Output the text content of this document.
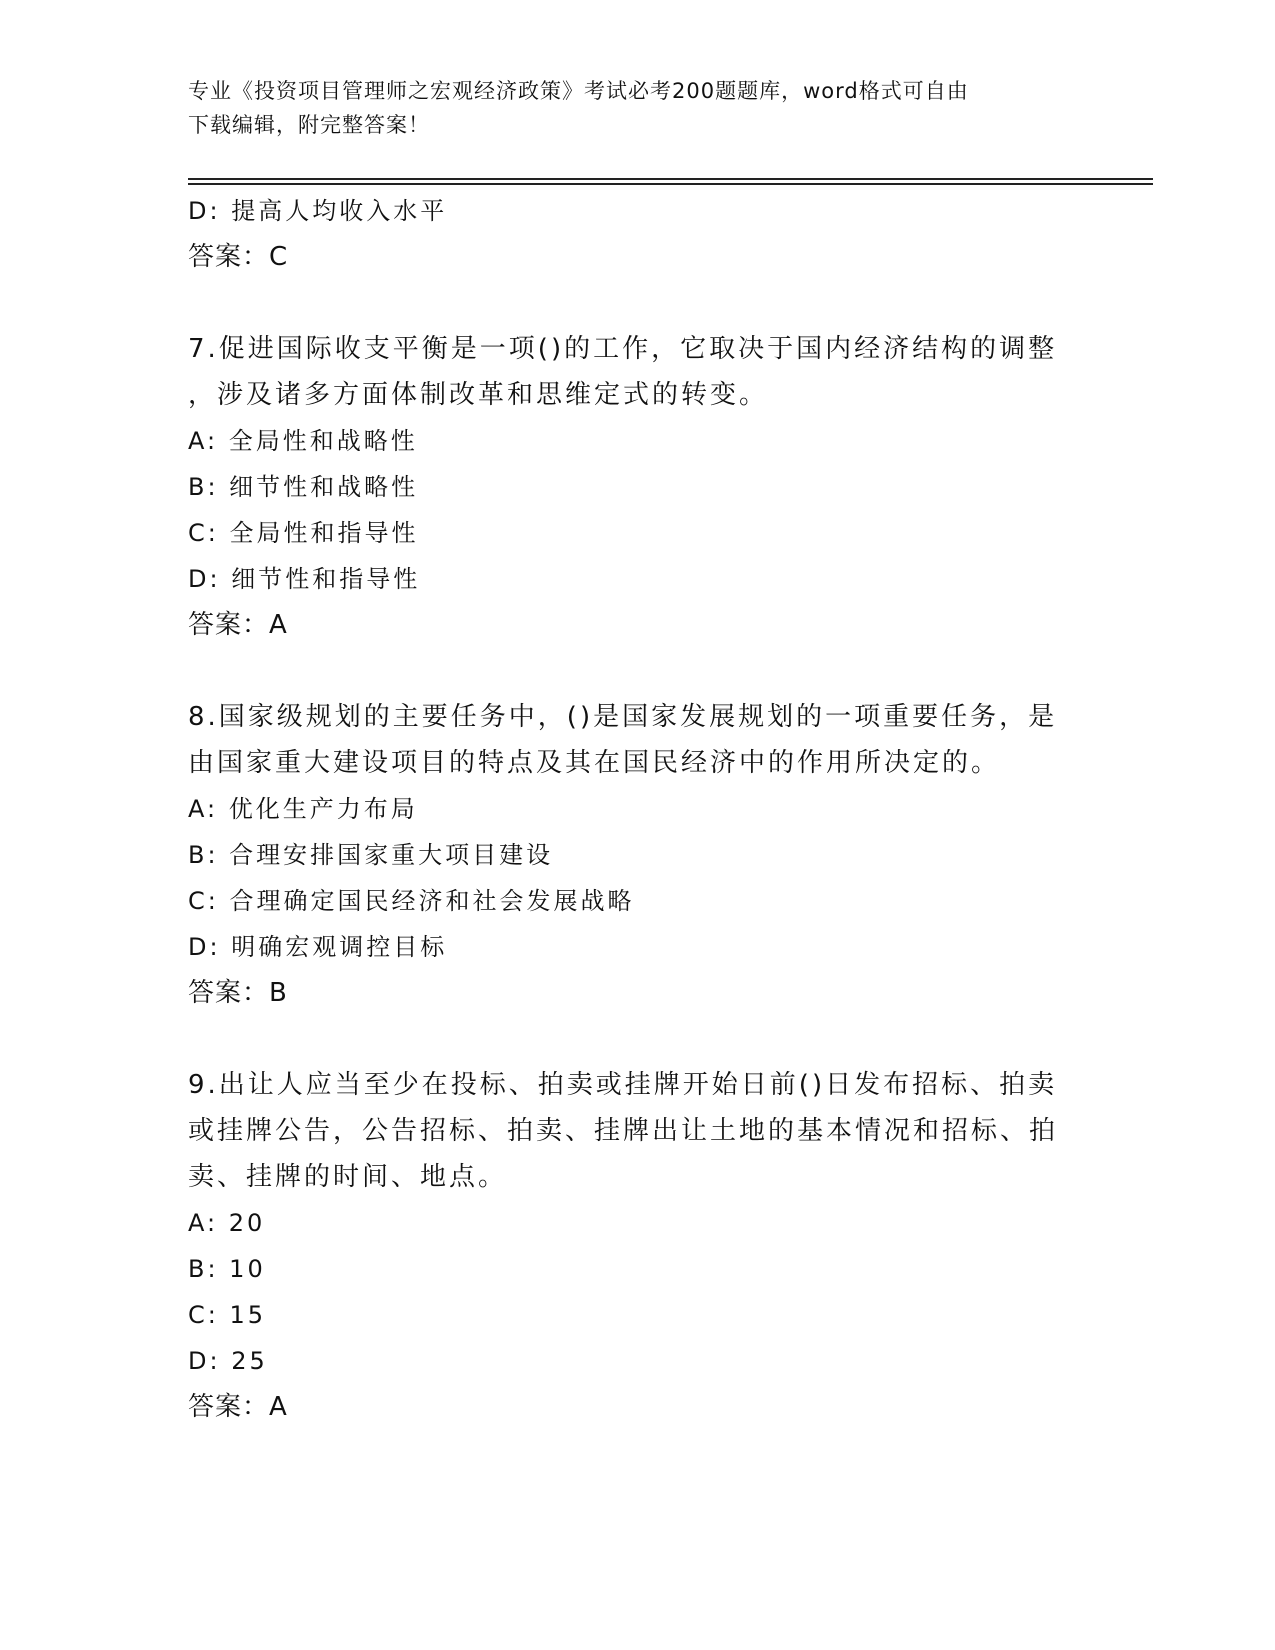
专业《投资项目管理师之宏观经济政策》考试必考200题题库，word格式可自由
下载编辑，附完整答案！
D: 提高人均收入水平
答案：C
7.促进国际收支平衡是一项()的工作，它取决于国内经济结构的调整
，涉及诸多方面体制改革和思维定式的转变。
A: 全局性和战略性
B: 细节性和战略性
C: 全局性和指导性
D: 细节性和指导性
答案：A
8.国家级规划的主要任务中，()是国家发展规划的一项重要任务，是
由国家重大建设项目的特点及其在国民经济中的作用所决定的。
A: 优化生产力布局
B: 合理安排国家重大项目建设
C: 合理确定国民经济和社会发展战略
D: 明确宏观调控目标
答案：B
9.出让人应当至少在投标、拍卖或挂牌开始日前()日发布招标、拍卖
或挂牌公告，公告招标、拍卖、挂牌出让土地的基本情况和招标、拍
卖、挂牌的时间、地点。
A: 20
B: 10
C: 15
D: 25
答案：A
